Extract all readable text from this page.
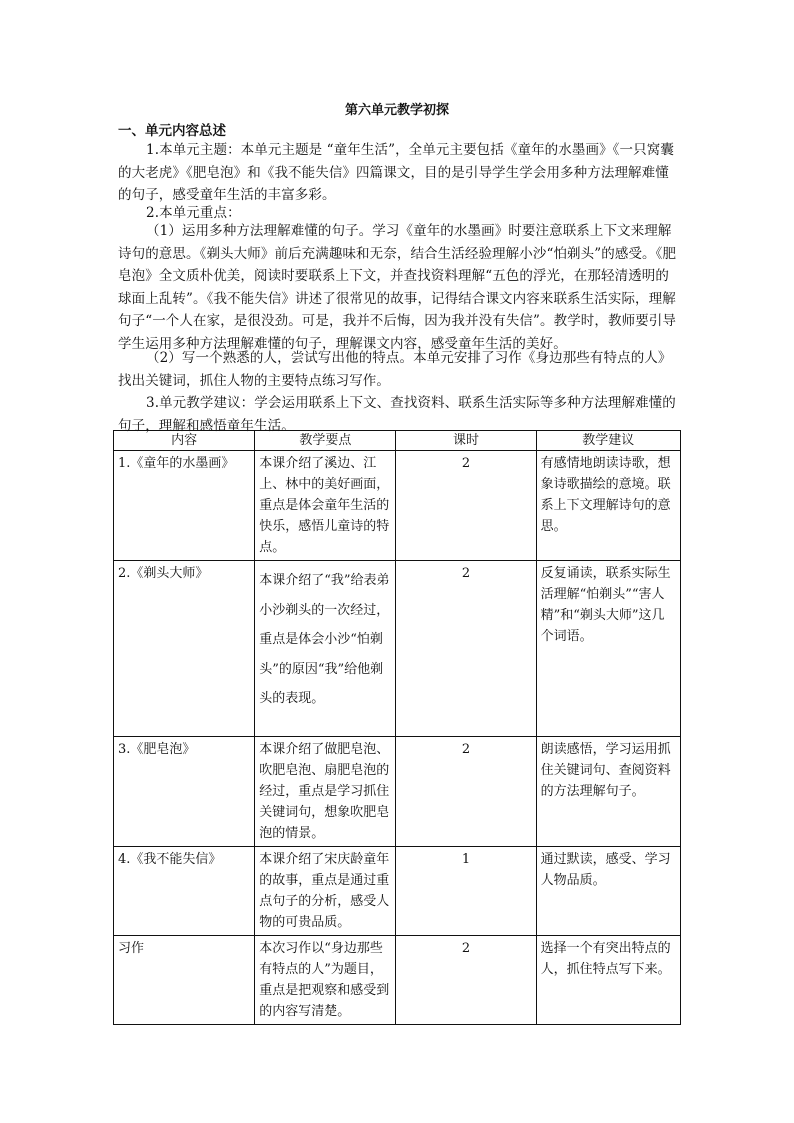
第六单元教学初探
一、单元内容总述

1.本单元主题：本单元主题是 “童年生活”，全单元主要包括《童年的水墨画》《一只窝囊的大老虎》《肥皂泡》和《我不能失信》四篇课文，目的是引导学生学会用多种方法理解难懂的句子，感受童年生活的丰富多彩。

2.本单元重点：

（1）运用多种方法理解难懂的句子。学习《童年的水墨画》时要注意联系上下文来理解诗句的意思。《剃头大师》前后充满趣味和无奈，结合生活经验理解小沙“怕剃头”的感受。《肥皂泡》全文质朴优美，阅读时要联系上下文，并查找资料理解“五色的浮光，在那轻清透明的球面上乱转”。《我不能失信》讲述了很常见的故事，记得结合课文内容来联系生活实际，理解句子“一个人在家，是很没劲。可是，我并不后悔，因为我并没有失信”。教学时，教师要引导学生运用多种方法理解难懂的句子，理解课文内容，感受童年生活的美好。

（2）写一个熟悉的人，尝试写出他的特点。本单元安排了习作《身边那些有特点的人》找出关键词，抓住人物的主要特点练习写作。

3.单元教学建议：学会运用联系上下文、查找资料、联系生活实际等多种方法理解难懂的句子，理解和感悟童年生活。

内容	教学要点	课时	教学建议
1.《童年的水墨画》	本课介绍了溪边、江上、林中的美好画面，重点是体会童年生活的快乐，感悟儿童诗的特点。	2	有感情地朗读诗歌，想象诗歌描绘的意境。联系上下文理解诗句的意思。
2.《剃头大师》	本课介绍了“我”给表弟小沙剃头的一次经过，重点是体会小沙“怕剃头”的原因“我”给他剃头的表现。	2	反复诵读，联系实际生活理解“怕剃头”“害人精”和“剃头大师”这几个词语。
3.《肥皂泡》	本课介绍了做肥皂泡、吹肥皂泡、扇肥皂泡的经过，重点是学习抓住关键词句，想象吹肥皂泡的情景。	2	朗读感悟，学习运用抓住关键词句、查阅资料的方法理解句子。
4.《我不能失信》	本课介绍了宋庆龄童年的故事，重点是通过重点句子的分析，感受人物的可贵品质。	1	通过默读，感受、学习人物品质。
习作	本次习作以“身边那些有特点的人”为题目，重点是把观察和感受到的内容写清楚。	2	选择一个有突出特点的人，抓住特点写下来。
